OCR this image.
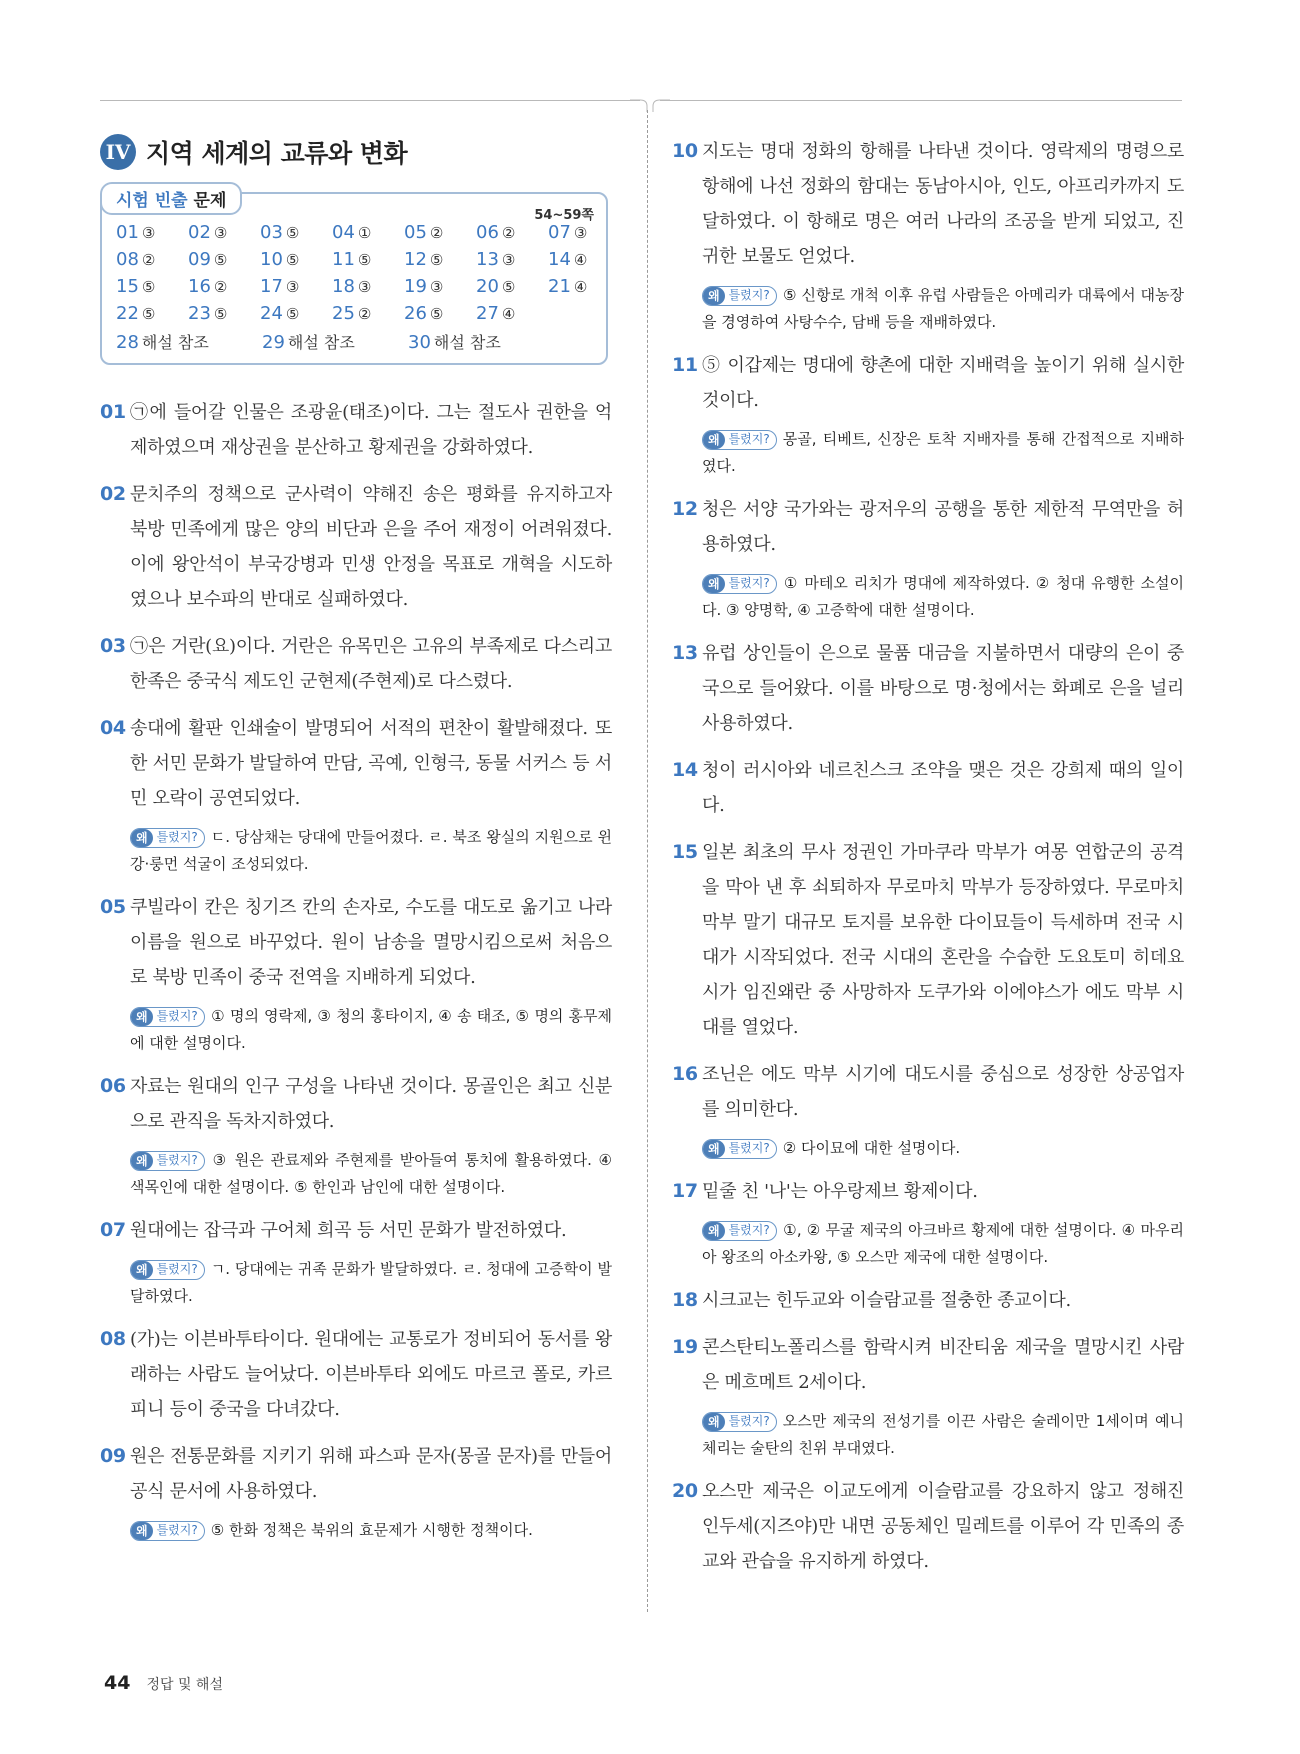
IV 지역 세계의 교류와 변화
시험 빈출 문제
54~59쪽
01 ③	02 ③	03 ⑤	04 ①	05 ②	06 ②	07 ③
08 ②	09 ⑤	10 ⑤	11 ⑤	12 ⑤	13 ③	14 ④
15 ⑤	16 ②	17 ③	18 ③	19 ③	20 ⑤	21 ④
22 ⑤	23 ⑤	24 ⑤	25 ②	26 ⑤	27 ④
28 해설 참조	29 해설 참조	30 해설 참조
01 ㉠에 들어갈 인물은 조광윤(태조)이다. 그는 절도사 권한을 억제하였으며 재상권을 분산하고 황제권을 강화하였다.
02 문치주의 정책으로 군사력이 약해진 송은 평화를 유지하고자 북방 민족에게 많은 양의 비단과 은을 주어 재정이 어려워졌다. 이에 왕안석이 부국강병과 민생 안정을 목표로 개혁을 시도하였으나 보수파의 반대로 실패하였다.
03 ㉠은 거란(요)이다. 거란은 유목민은 고유의 부족제로 다스리고 한족은 중국식 제도인 군현제(주현제)로 다스렸다.
04 송대에 활판 인쇄술이 발명되어 서적의 편찬이 활발해졌다. 또한 서민 문화가 발달하여 만담, 곡예, 인형극, 동물 서커스 등 서민 오락이 공연되었다.
왜 틀렸지? ㄷ. 당삼채는 당대에 만들어졌다. ㄹ. 북조 왕실의 지원으로 윈강·룽먼 석굴이 조성되었다.
05 쿠빌라이 칸은 칭기즈 칸의 손자로, 수도를 대도로 옮기고 나라 이름을 원으로 바꾸었다. 원이 남송을 멸망시킴으로써 처음으로 북방 민족이 중국 전역을 지배하게 되었다.
왜 틀렸지? ① 명의 영락제, ③ 청의 홍타이지, ④ 송 태조, ⑤ 명의 홍무제에 대한 설명이다.
06 자료는 원대의 인구 구성을 나타낸 것이다. 몽골인은 최고 신분으로 관직을 독차지하였다.
왜 틀렸지? ③ 원은 관료제와 주현제를 받아들여 통치에 활용하였다. ④ 색목인에 대한 설명이다. ⑤ 한인과 남인에 대한 설명이다.
07 원대에는 잡극과 구어체 희곡 등 서민 문화가 발전하였다.
왜 틀렸지? ㄱ. 당대에는 귀족 문화가 발달하였다. ㄹ. 청대에 고증학이 발달하였다.
08 (가)는 이븐바투타이다. 원대에는 교통로가 정비되어 동서를 왕래하는 사람도 늘어났다. 이븐바투타 외에도 마르코 폴로, 카르피니 등이 중국을 다녀갔다.
09 원은 전통문화를 지키기 위해 파스파 문자(몽골 문자)를 만들어 공식 문서에 사용하였다.
왜 틀렸지? ⑤ 한화 정책은 북위의 효문제가 시행한 정책이다.
10 지도는 명대 정화의 항해를 나타낸 것이다. 영락제의 명령으로 항해에 나선 정화의 함대는 동남아시아, 인도, 아프리카까지 도달하였다. 이 항해로 명은 여러 나라의 조공을 받게 되었고, 진귀한 보물도 얻었다.
왜 틀렸지? ⑤ 신항로 개척 이후 유럽 사람들은 아메리카 대륙에서 대농장을 경영하여 사탕수수, 담배 등을 재배하였다.
11 ⑤ 이갑제는 명대에 향촌에 대한 지배력을 높이기 위해 실시한 것이다.
왜 틀렸지? 몽골, 티베트, 신장은 토착 지배자를 통해 간접적으로 지배하였다.
12 청은 서양 국가와는 광저우의 공행을 통한 제한적 무역만을 허용하였다.
왜 틀렸지? ① 마테오 리치가 명대에 제작하였다. ② 청대 유행한 소설이다. ③ 양명학, ④ 고증학에 대한 설명이다.
13 유럽 상인들이 은으로 물품 대금을 지불하면서 대량의 은이 중국으로 들어왔다. 이를 바탕으로 명·청에서는 화폐로 은을 널리 사용하였다.
14 청이 러시아와 네르친스크 조약을 맺은 것은 강희제 때의 일이다.
15 일본 최초의 무사 정권인 가마쿠라 막부가 여몽 연합군의 공격을 막아 낸 후 쇠퇴하자 무로마치 막부가 등장하였다. 무로마치 막부 말기 대규모 토지를 보유한 다이묘들이 득세하며 전국 시대가 시작되었다. 전국 시대의 혼란을 수습한 도요토미 히데요시가 임진왜란 중 사망하자 도쿠가와 이에야스가 에도 막부 시대를 열었다.
16 조닌은 에도 막부 시기에 대도시를 중심으로 성장한 상공업자를 의미한다.
왜 틀렸지? ② 다이묘에 대한 설명이다.
17 밑줄 친 '나'는 아우랑제브 황제이다.
왜 틀렸지? ①, ② 무굴 제국의 아크바르 황제에 대한 설명이다. ④ 마우리아 왕조의 아소카왕, ⑤ 오스만 제국에 대한 설명이다.
18 시크교는 힌두교와 이슬람교를 절충한 종교이다.
19 콘스탄티노폴리스를 함락시켜 비잔티움 제국을 멸망시킨 사람은 메흐메트 2세이다.
왜 틀렸지? 오스만 제국의 전성기를 이끈 사람은 술레이만 1세이며 예니체리는 술탄의 친위 부대였다.
20 오스만 제국은 이교도에게 이슬람교를 강요하지 않고 정해진 인두세(지즈야)만 내면 공동체인 밀레트를 이루어 각 민족의 종교와 관습을 유지하게 하였다.
44 정답 및 해설
